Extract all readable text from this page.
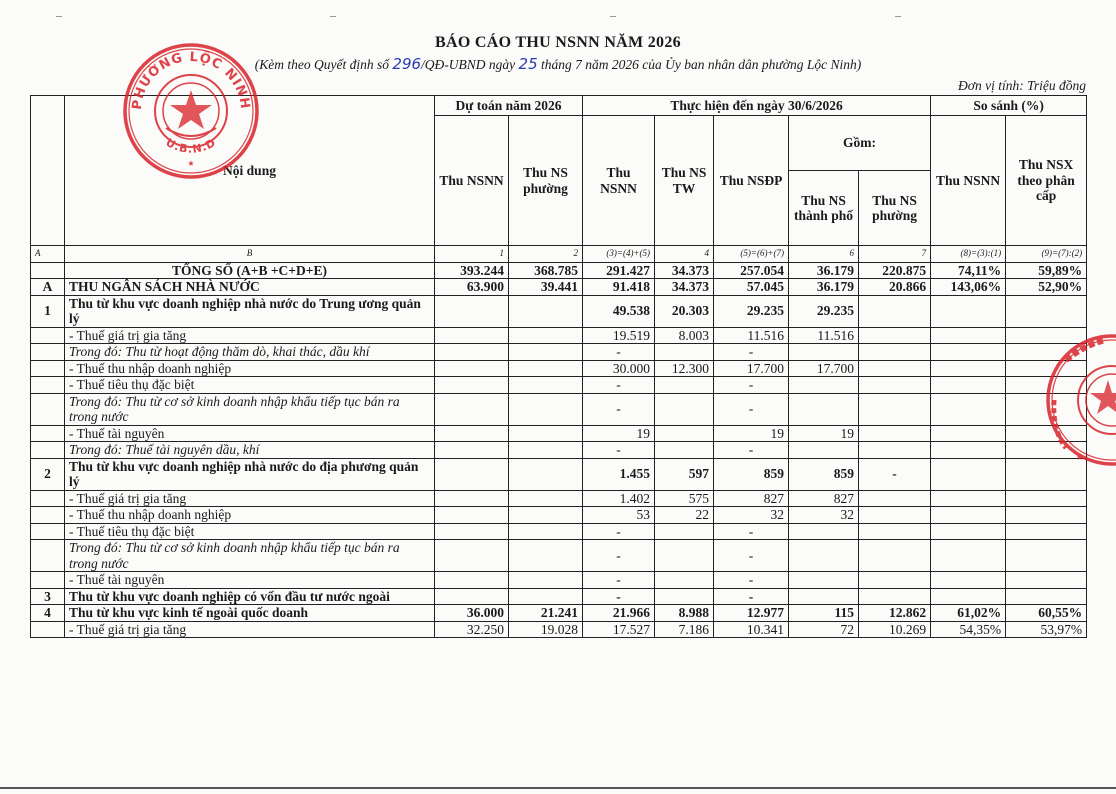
BÁO CÁO THU NSNN NĂM 2026
(Kèm theo Quyết định số 296/QĐ-UBND ngày 25 tháng 7 năm 2026 của Ủy ban nhân dân phường Lộc Ninh)
Đơn vị tính: Triệu đồng
	Nội dung	Dự toán năm 2026		Thực hiện đến ngày 30/6/2026					So sánh (%)	
		Thu NSNN	Thu NS phường	Thu NSNN	Thu NS TW	Thu NSĐP	Gồm:		Thu NSNN	Thu NSX theo phân cấp
							Thu NS thành phố	Thu NS phường		
A	B	1	2	(3)=(4)+(5)	4	(5)=(6)+(7)	6	7	(8)=(3):(1)	(9)=(7):(2)
	TỔNG SỐ (A+B +C+D+E)	393.244	368.785	291.427	34.373	257.054	36.179	220.875	74,11%	59,89%
A	THU NGÂN SÁCH NHÀ NƯỚC	63.900	39.441	91.418	34.373	57.045	36.179	20.866	143,06%	52,90%
1	Thu từ khu vực doanh nghiệp nhà nước do Trung ương quản lý			49.538	20.303	29.235	29.235			
	- Thuế giá trị gia tăng			19.519	8.003	11.516	11.516			
	Trong đó: Thu từ hoạt động thăm dò, khai thác, dầu khí			-		-				
	- Thuế thu nhập doanh nghiệp			30.000	12.300	17.700	17.700			
	- Thuế tiêu thụ đặc biệt			-		-				
	Trong đó: Thu từ cơ sở kinh doanh nhập khẩu tiếp tục bán ra trong nước			-		-				
	- Thuế tài nguyên			19		19	19			
	Trong đó: Thuế tài nguyên dầu, khí			-		-				
2	Thu từ khu vực doanh nghiệp nhà nước do địa phương quản lý			1.455	597	859	859	-		
	- Thuế giá trị gia tăng			1.402	575	827	827			
	- Thuế thu nhập doanh nghiệp			53	22	32	32			
	- Thuế tiêu thụ đặc biệt			-		-				
	Trong đó: Thu từ cơ sở kinh doanh nhập khẩu tiếp tục bán ra trong nước			-		-				
	- Thuế tài nguyên			-		-				
3	Thu từ khu vực doanh nghiệp có vốn đầu tư nước ngoài			-		-				
4	Thu từ khu vực kinh tế ngoài quốc doanh	36.000	21.241	21.966	8.988	12.977	115	12.862	61,02%	60,55%
	- Thuế giá trị gia tăng	32.250	19.028	17.527	7.186	10.341	72	10.269	54,35%	53,97%
PHƯỜNG LỘC NINH
U.B.N.D
★
★
